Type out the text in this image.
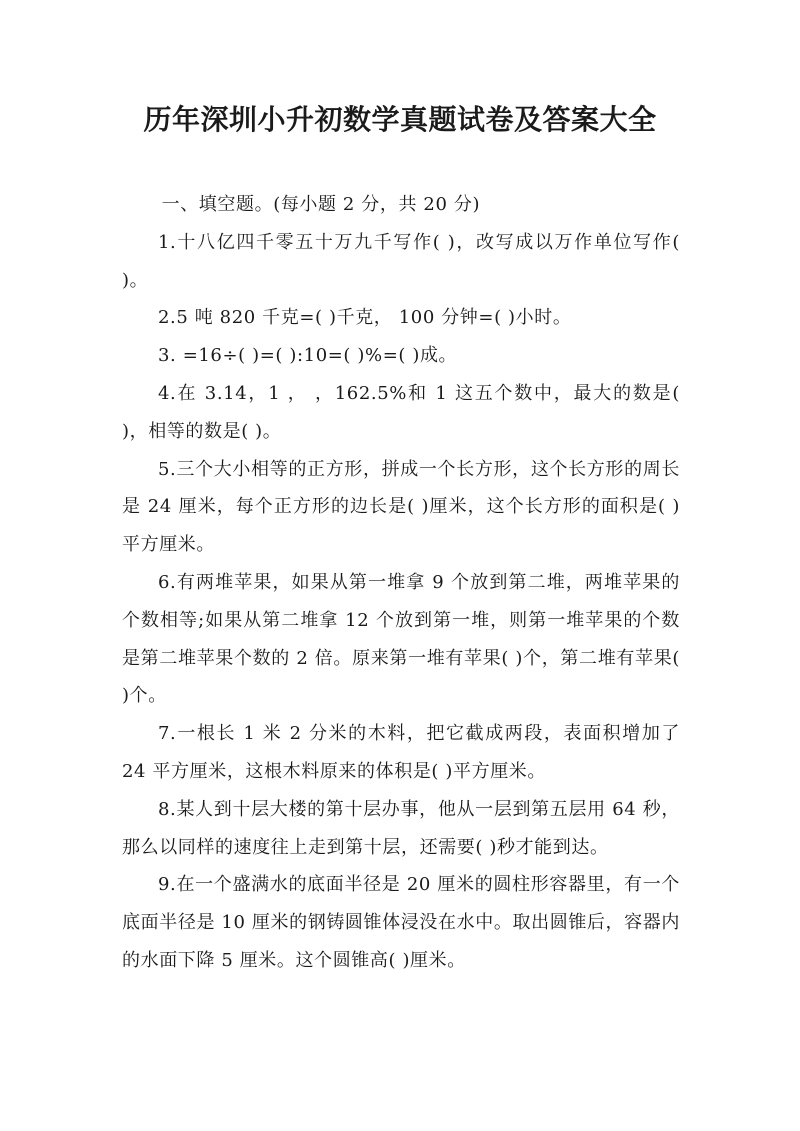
历年深圳小升初数学真题试卷及答案大全

一、填空题。(每小题 2 分，共 20 分)

1.十八亿四千零五十万九千写作( )，改写成以万作单位写作( )。

2.5 吨 820 千克=( )千克， 100 分钟=( )小时。

3. =16÷( )=( ):10=( )%=( )成。

4.在 3.14，1 ， ，162.5%和 1 这五个数中，最大的数是( )，相等的数是( )。

5.三个大小相等的正方形，拼成一个长方形，这个长方形的周长是 24 厘米，每个正方形的边长是( )厘米，这个长方形的面积是( )平方厘米。

6.有两堆苹果，如果从第一堆拿 9 个放到第二堆，两堆苹果的个数相等;如果从第二堆拿 12 个放到第一堆，则第一堆苹果的个数是第二堆苹果个数的 2 倍。原来第一堆有苹果( )个，第二堆有苹果( )个。

7.一根长 1 米 2 分米的木料，把它截成两段，表面积增加了 24 平方厘米，这根木料原来的体积是( )平方厘米。

8.某人到十层大楼的第十层办事，他从一层到第五层用 64 秒，那么以同样的速度往上走到第十层，还需要( )秒才能到达。

9.在一个盛满水的底面半径是 20 厘米的圆柱形容器里，有一个底面半径是 10 厘米的钢铸圆锥体浸没在水中。取出圆锥后，容器内的水面下降 5 厘米。这个圆锥高( )厘米。
